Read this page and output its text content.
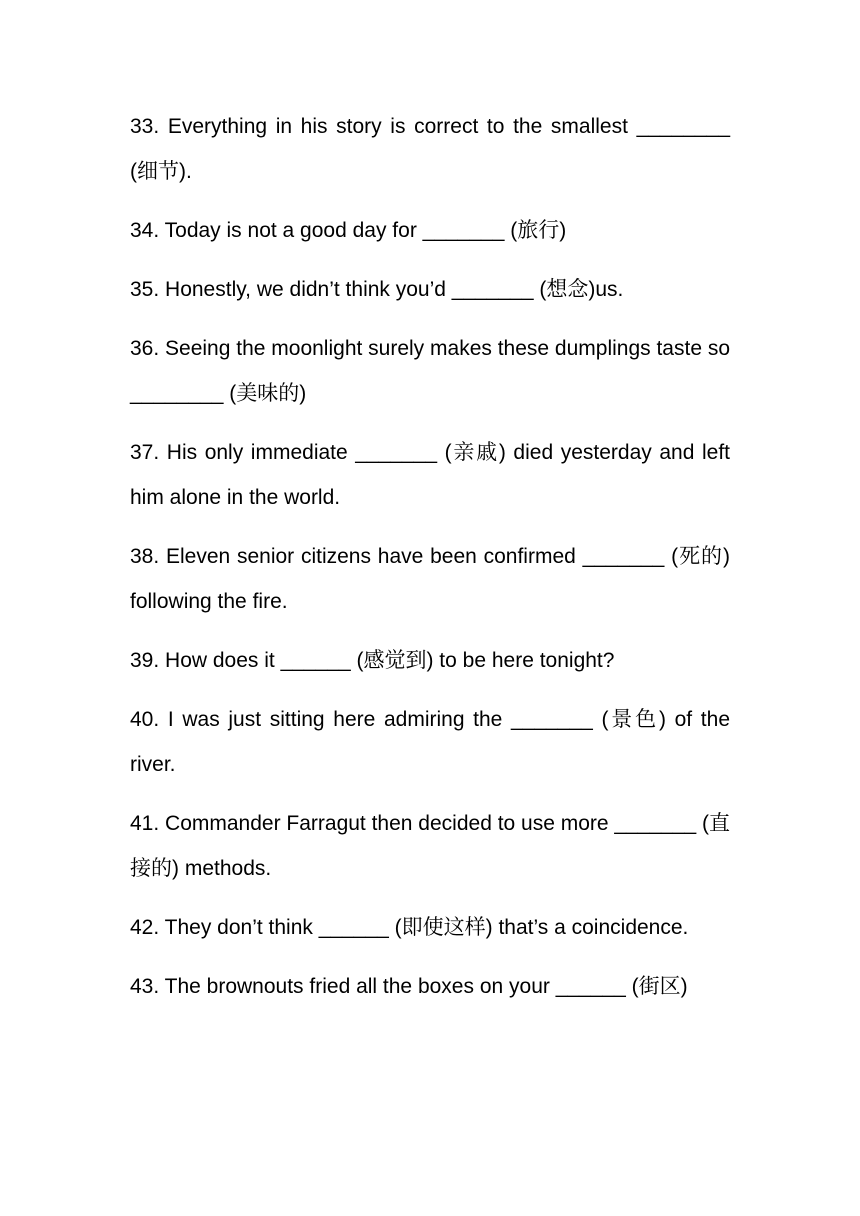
33. Everything in his story is correct to the smallest ________ (细节).

34. Today is not a good day for _______ (旅行)

35. Honestly, we didn’t think you’d _______ (想念)us.

36. Seeing the moonlight surely makes these dumplings taste so ________ (美味的)

37. His only immediate _______ (亲戚) died yesterday and left him alone in the world.

38. Eleven senior citizens have been confirmed _______ (死的) following the fire.

39. How does it ______ (感觉到) to be here tonight?

40. I was just sitting here admiring the _______ (景色) of the river.

41. Commander Farragut then decided to use more _______ (直接的) methods.

42. They don’t think ______ (即使这样) that’s a coincidence.

43. The brownouts fried all the boxes on your ______ (街区)
